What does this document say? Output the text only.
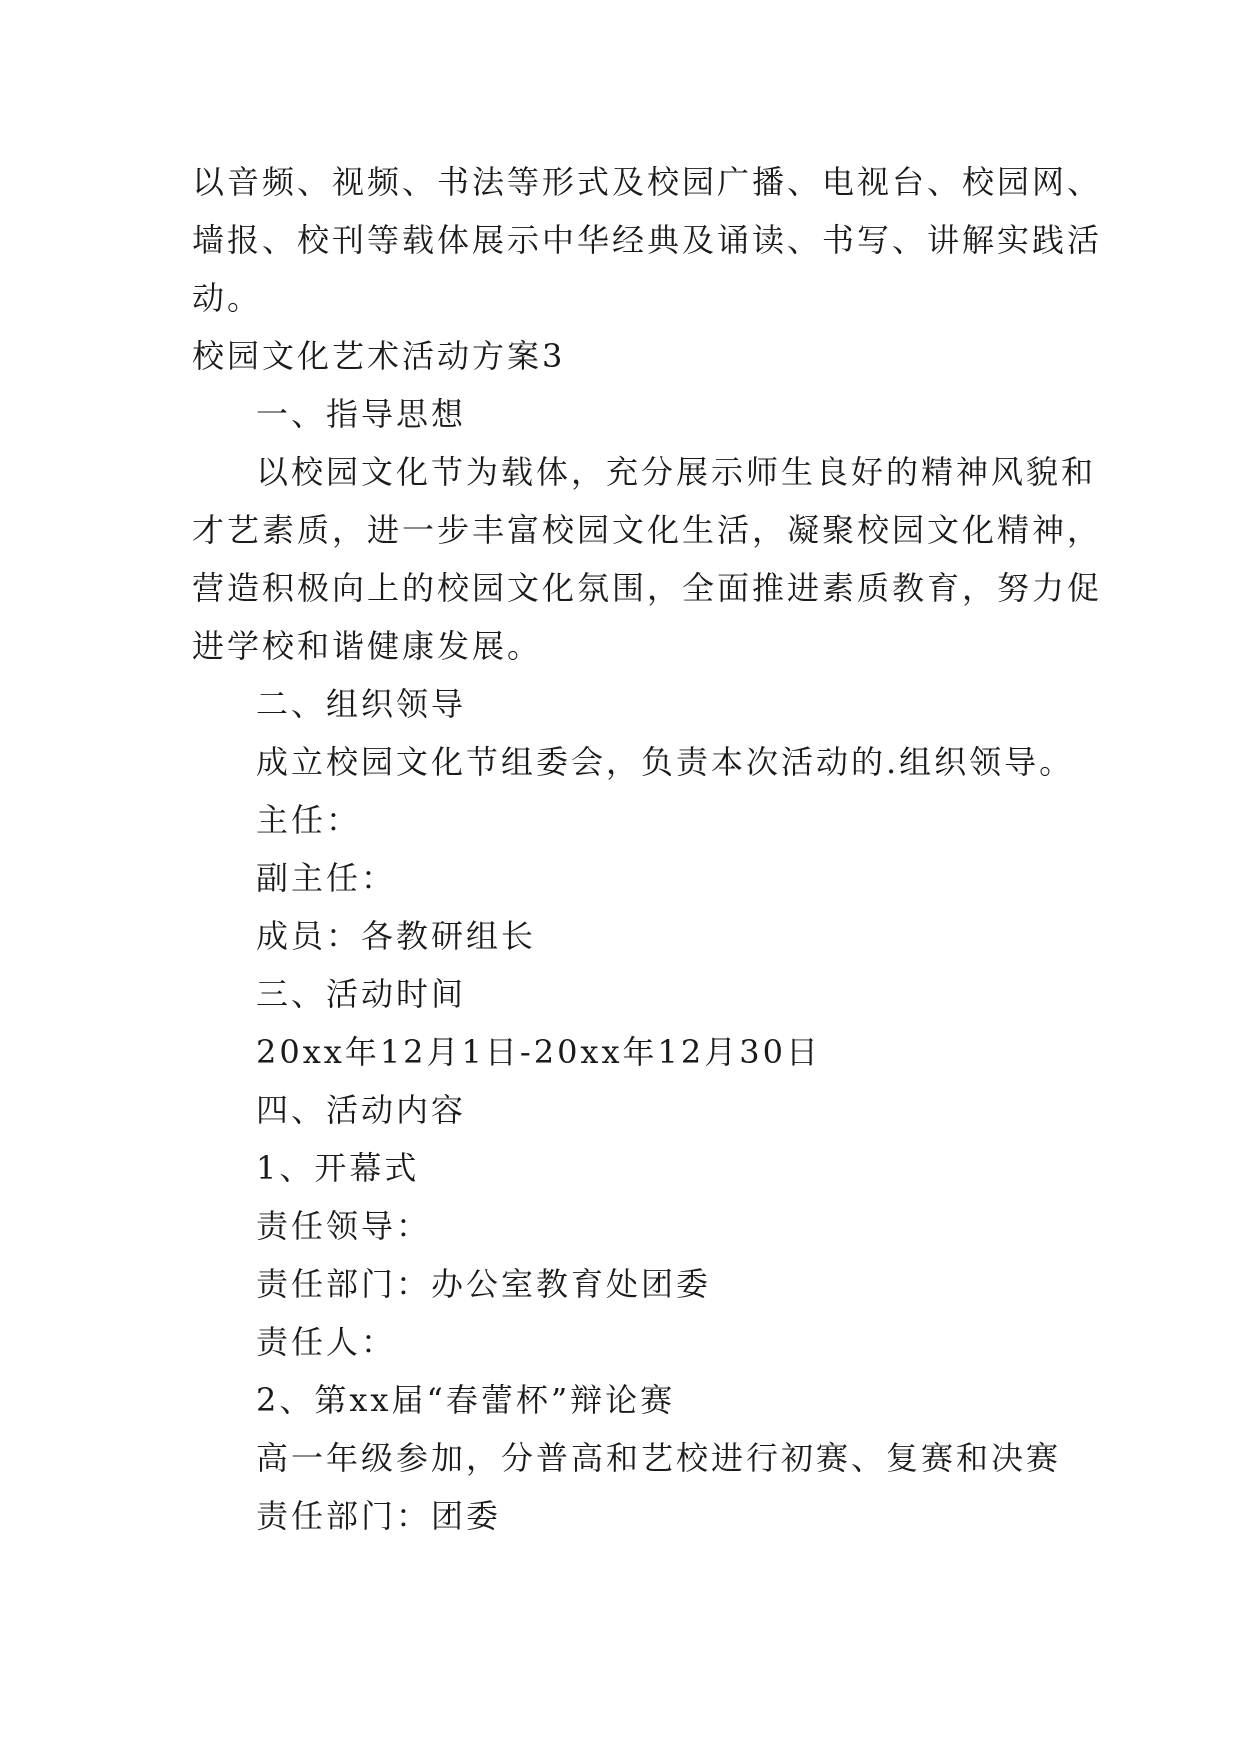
以音频、视频、书法等形式及校园广播、电视台、校园网、
墙报、校刊等载体展示中华经典及诵读、书写、讲解实践活
动。
校园文化艺术活动方案3
一、指导思想
以校园文化节为载体，充分展示师生良好的精神风貌和
才艺素质，进一步丰富校园文化生活，凝聚校园文化精神，
营造积极向上的校园文化氛围，全面推进素质教育，努力促
进学校和谐健康发展。
二、组织领导
成立校园文化节组委会，负责本次活动的.组织领导。
主任：
副主任：
成员：各教研组长
三、活动时间
20xx年12月1日-20xx年12月30日
四、活动内容
1、开幕式
责任领导：
责任部门：办公室教育处团委
责任人：
2、第xx届“春蕾杯”辩论赛
高一年级参加，分普高和艺校进行初赛、复赛和决赛
责任部门：团委
